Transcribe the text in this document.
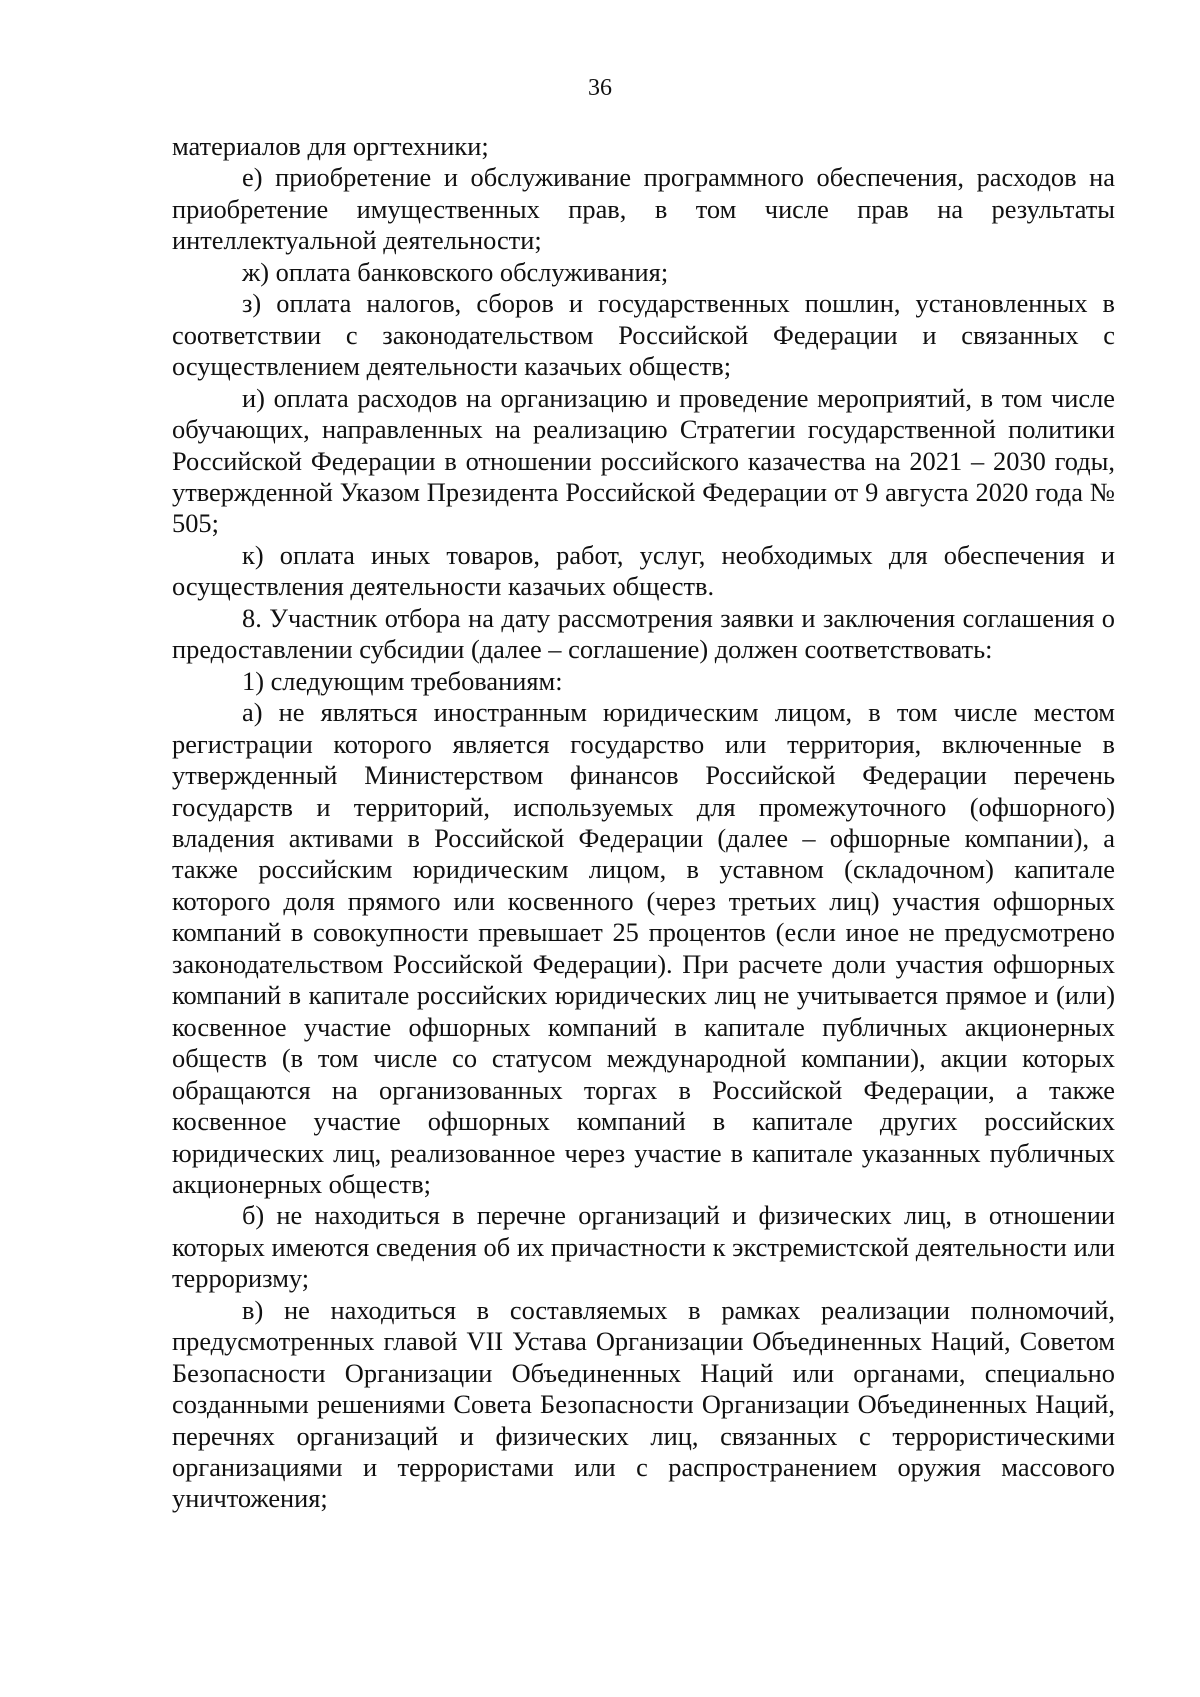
36

материалов для оргтехники;

е) приобретение и обслуживание программного обеспечения, расходов на приобретение имущественных прав, в том числе прав на результаты интеллектуальной деятельности;

ж) оплата банковского обслуживания;

з) оплата налогов, сборов и государственных пошлин, установленных в соответствии с законодательством Российской Федерации и связанных с осуществлением деятельности казачьих обществ;

и) оплата расходов на организацию и проведение мероприятий, в том числе обучающих, направленных на реализацию Стратегии государственной политики Российской Федерации в отношении российского казачества на 2021 – 2030 годы, утвержденной Указом Президента Российской Федерации от 9 августа 2020 года № 505;

к) оплата иных товаров, работ, услуг, необходимых для обеспечения и осуществления деятельности казачьих обществ.

8. Участник отбора на дату рассмотрения заявки и заключения соглашения о предоставлении субсидии (далее – соглашение) должен соответствовать:

1) следующим требованиям:

а) не являться иностранным юридическим лицом, в том числе местом регистрации которого является государство или территория, включенные в утвержденный Министерством финансов Российской Федерации перечень государств и территорий, используемых для промежуточного (офшорного) владения активами в Российской Федерации (далее – офшорные компании), а также российским юридическим лицом, в уставном (складочном) капитале которого доля прямого или косвенного (через третьих лиц) участия офшорных компаний в совокупности превышает 25 процентов (если иное не предусмотрено законодательством Российской Федерации). При расчете доли участия офшорных компаний в капитале российских юридических лиц не учитывается прямое и (или) косвенное участие офшорных компаний в капитале публичных акционерных обществ (в том числе со статусом международной компании), акции которых обращаются на организованных торгах в Российской Федерации, а также косвенное участие офшорных компаний в капитале других российских юридических лиц, реализованное через участие в капитале указанных публичных акционерных обществ;

б) не находиться в перечне организаций и физических лиц, в отношении которых имеются сведения об их причастности к экстремистской деятельности или терроризму;

в) не находиться в составляемых в рамках реализации полномочий, предусмотренных главой VII Устава Организации Объединенных Наций, Советом Безопасности Организации Объединенных Наций или органами, специально созданными решениями Совета Безопасности Организации Объединенных Наций, перечнях организаций и физических лиц, связанных с террористическими организациями и террористами или с распространением оружия массового уничтожения;
